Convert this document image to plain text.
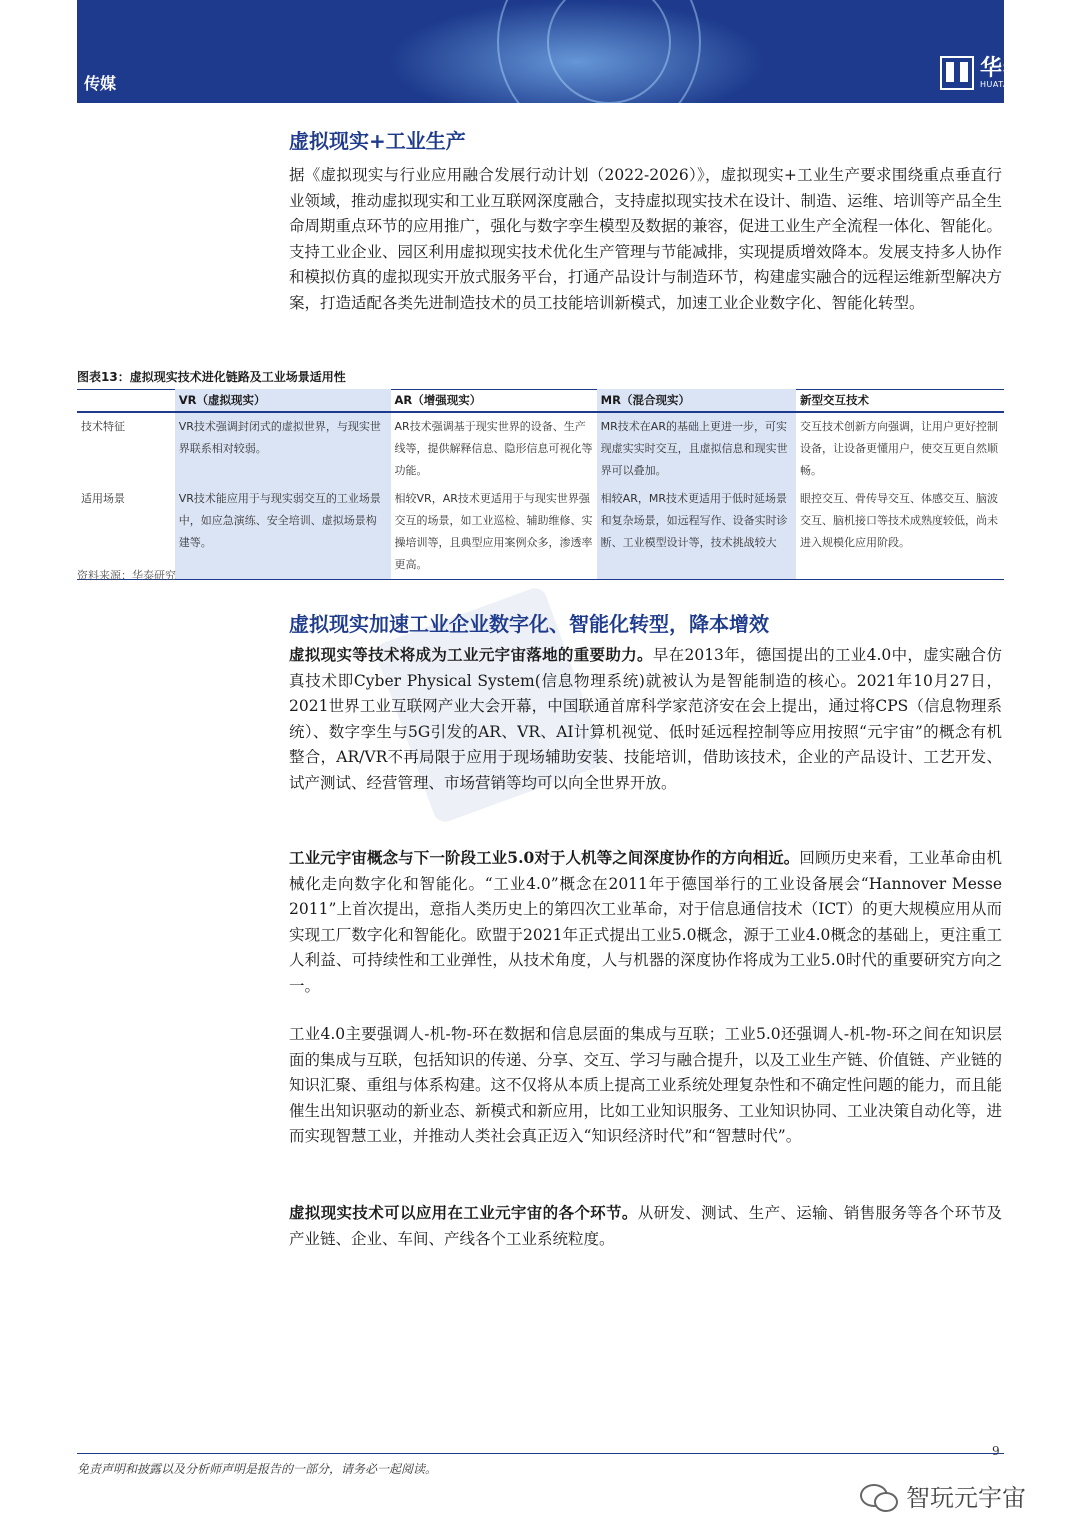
传媒
华泰证券
HUATAI SECURITIES
虚拟现实+工业生产
据《虚拟现实与行业应用融合发展行动计划（2022-2026）》，虚拟现实+工业生产要求围绕重点垂直行业领域，推动虚拟现实和工业互联网深度融合，支持虚拟现实技术在设计、制造、运维、培训等产品全生命周期重点环节的应用推广，强化与数字孪生模型及数据的兼容，促进工业生产全流程一体化、智能化。支持工业企业、园区利用虚拟现实技术优化生产管理与节能减排，实现提质增效降本。发展支持多人协作和模拟仿真的虚拟现实开放式服务平台，打通产品设计与制造环节，构建虚实融合的远程运维新型解决方案，打造适配各类先进制造技术的员工技能培训新模式，加速工业企业数字化、智能化转型。
图表13：虚拟现实技术进化链路及工业场景适用性
	VR（虚拟现实）	AR（增强现实）	MR（混合现实）	新型交互技术
技术特征	VR技术强调封闭式的虚拟世界，与现实世界联系相对较弱。	AR技术强调基于现实世界的设备、生产线等，提供解释信息、隐形信息可视化等功能。	MR技术在AR的基础上更进一步，可实现虚实实时交互，且虚拟信息和现实世界可以叠加。	交互技术创新方向强调，让用户更好控制设备，让设备更懂用户，使交互更自然顺畅。
适用场景	VR技术能应用于与现实弱交互的工业场景中，如应急演练、安全培训、虚拟场景构建等。	相较VR，AR技术更适用于与现实世界强交互的场景，如工业巡检、辅助维修、实操培训等，且典型应用案例众多，渗透率更高。	相较AR，MR技术更适用于低时延场景和复杂场景，如远程写作、设备实时诊断、工业模型设计等，技术挑战较大	眼控交互、骨传导交互、体感交互、脑波交互、脑机接口等技术成熟度较低，尚未进入规模化应用阶段。
资料来源：华泰研究
虚拟现实加速工业企业数字化、智能化转型，降本增效
虚拟现实等技术将成为工业元宇宙落地的重要助力。早在2013年，德国提出的工业4.0中，虚实融合仿真技术即Cyber Physical System(信息物理系统)就被认为是智能制造的核心。2021年10月27日，2021世界工业互联网产业大会开幕，中国联通首席科学家范济安在会上提出，通过将CPS（信息物理系统）、数字孪生与5G引发的AR、VR、AI计算机视觉、低时延远程控制等应用按照“元宇宙”的概念有机整合，AR/VR不再局限于应用于现场辅助安装、技能培训，借助该技术，企业的产品设计、工艺开发、试产测试、经营管理、市场营销等均可以向全世界开放。
工业元宇宙概念与下一阶段工业5.0对于人机等之间深度协作的方向相近。回顾历史来看，工业革命由机械化走向数字化和智能化。“工业4.0”概念在2011年于德国举行的工业设备展会“Hannover Messe 2011”上首次提出，意指人类历史上的第四次工业革命，对于信息通信技术（ICT）的更大规模应用从而实现工厂数字化和智能化。欧盟于2021年正式提出工业5.0概念，源于工业4.0概念的基础上，更注重工人利益、可持续性和工业弹性，从技术角度，人与机器的深度协作将成为工业5.0时代的重要研究方向之一。
工业4.0主要强调人-机-物-环在数据和信息层面的集成与互联；工业5.0还强调人-机-物-环之间在知识层面的集成与互联，包括知识的传递、分享、交互、学习与融合提升，以及工业生产链、价值链、产业链的知识汇聚、重组与体系构建。这不仅将从本质上提高工业系统处理复杂性和不确定性问题的能力，而且能催生出知识驱动的新业态、新模式和新应用，比如工业知识服务、工业知识协同、工业决策自动化等，进而实现智慧工业，并推动人类社会真正迈入“知识经济时代”和“智慧时代”。
虚拟现实技术可以应用在工业元宇宙的各个环节。从研发、测试、生产、运输、销售服务等各个环节及产业链、企业、车间、产线各个工业系统粒度。
9
免责声明和披露以及分析师声明是报告的一部分，请务必一起阅读。
智玩元宇宙
